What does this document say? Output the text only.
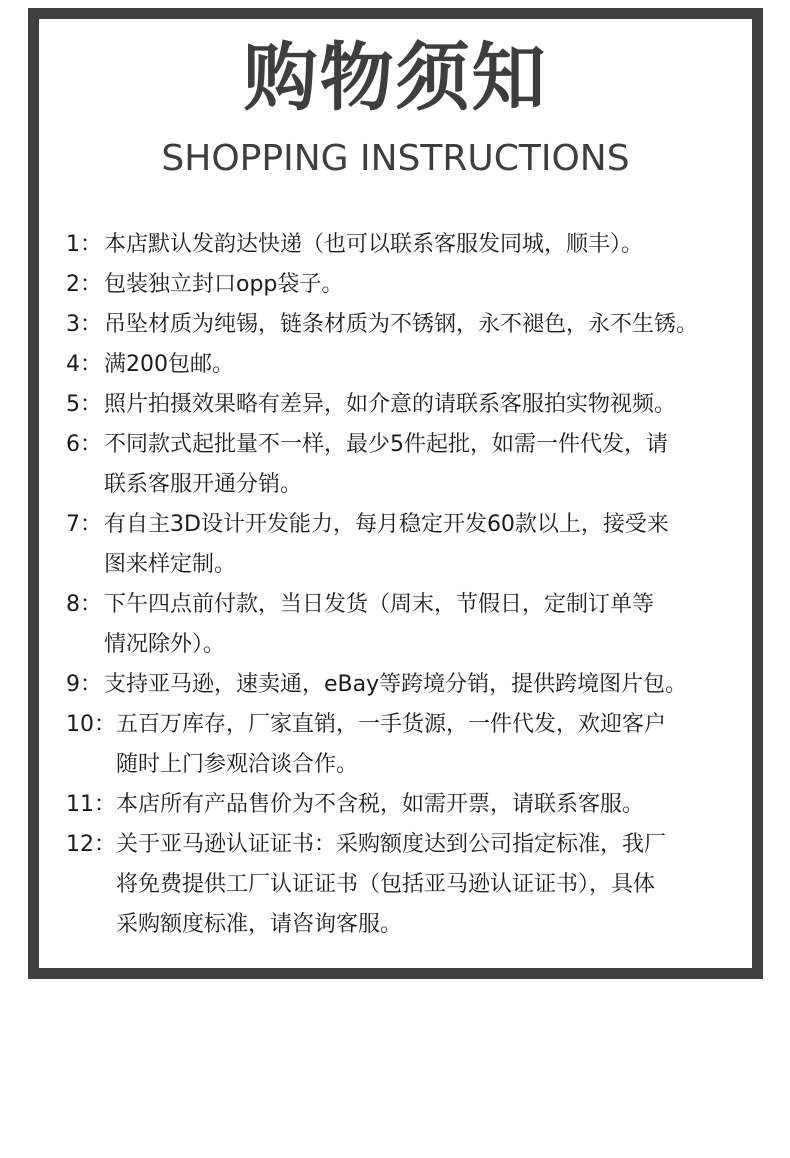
购物须知
SHOPPING INSTRUCTIONS
1： 本店默认发韵达快递（也可以联系客服发同城，顺丰）。
2： 包装独立封口opp袋子。
3： 吊坠材质为纯锡，链条材质为不锈钢，永不褪色，永不生锈。
4： 满200包邮。
5： 照片拍摄效果略有差异，如介意的请联系客服拍实物视频。
6： 不同款式起批量不一样，最少5件起批，如需一件代发，请
联系客服开通分销。
7： 有自主3D设计开发能力，每月稳定开发60款以上，接受来
图来样定制。
8： 下午四点前付款，当日发货（周末，节假日，定制订单等
情况除外）。
9： 支持亚马逊，速卖通，eBay等跨境分销，提供跨境图片包。
10： 五百万库存，厂家直销，一手货源，一件代发，欢迎客户
随时上门参观洽谈合作。
11： 本店所有产品售价为不含税，如需开票，请联系客服。
12： 关于亚马逊认证证书：采购额度达到公司指定标准，我厂
将免费提供工厂认证证书（包括亚马逊认证证书），具体
采购额度标准，请咨询客服。
